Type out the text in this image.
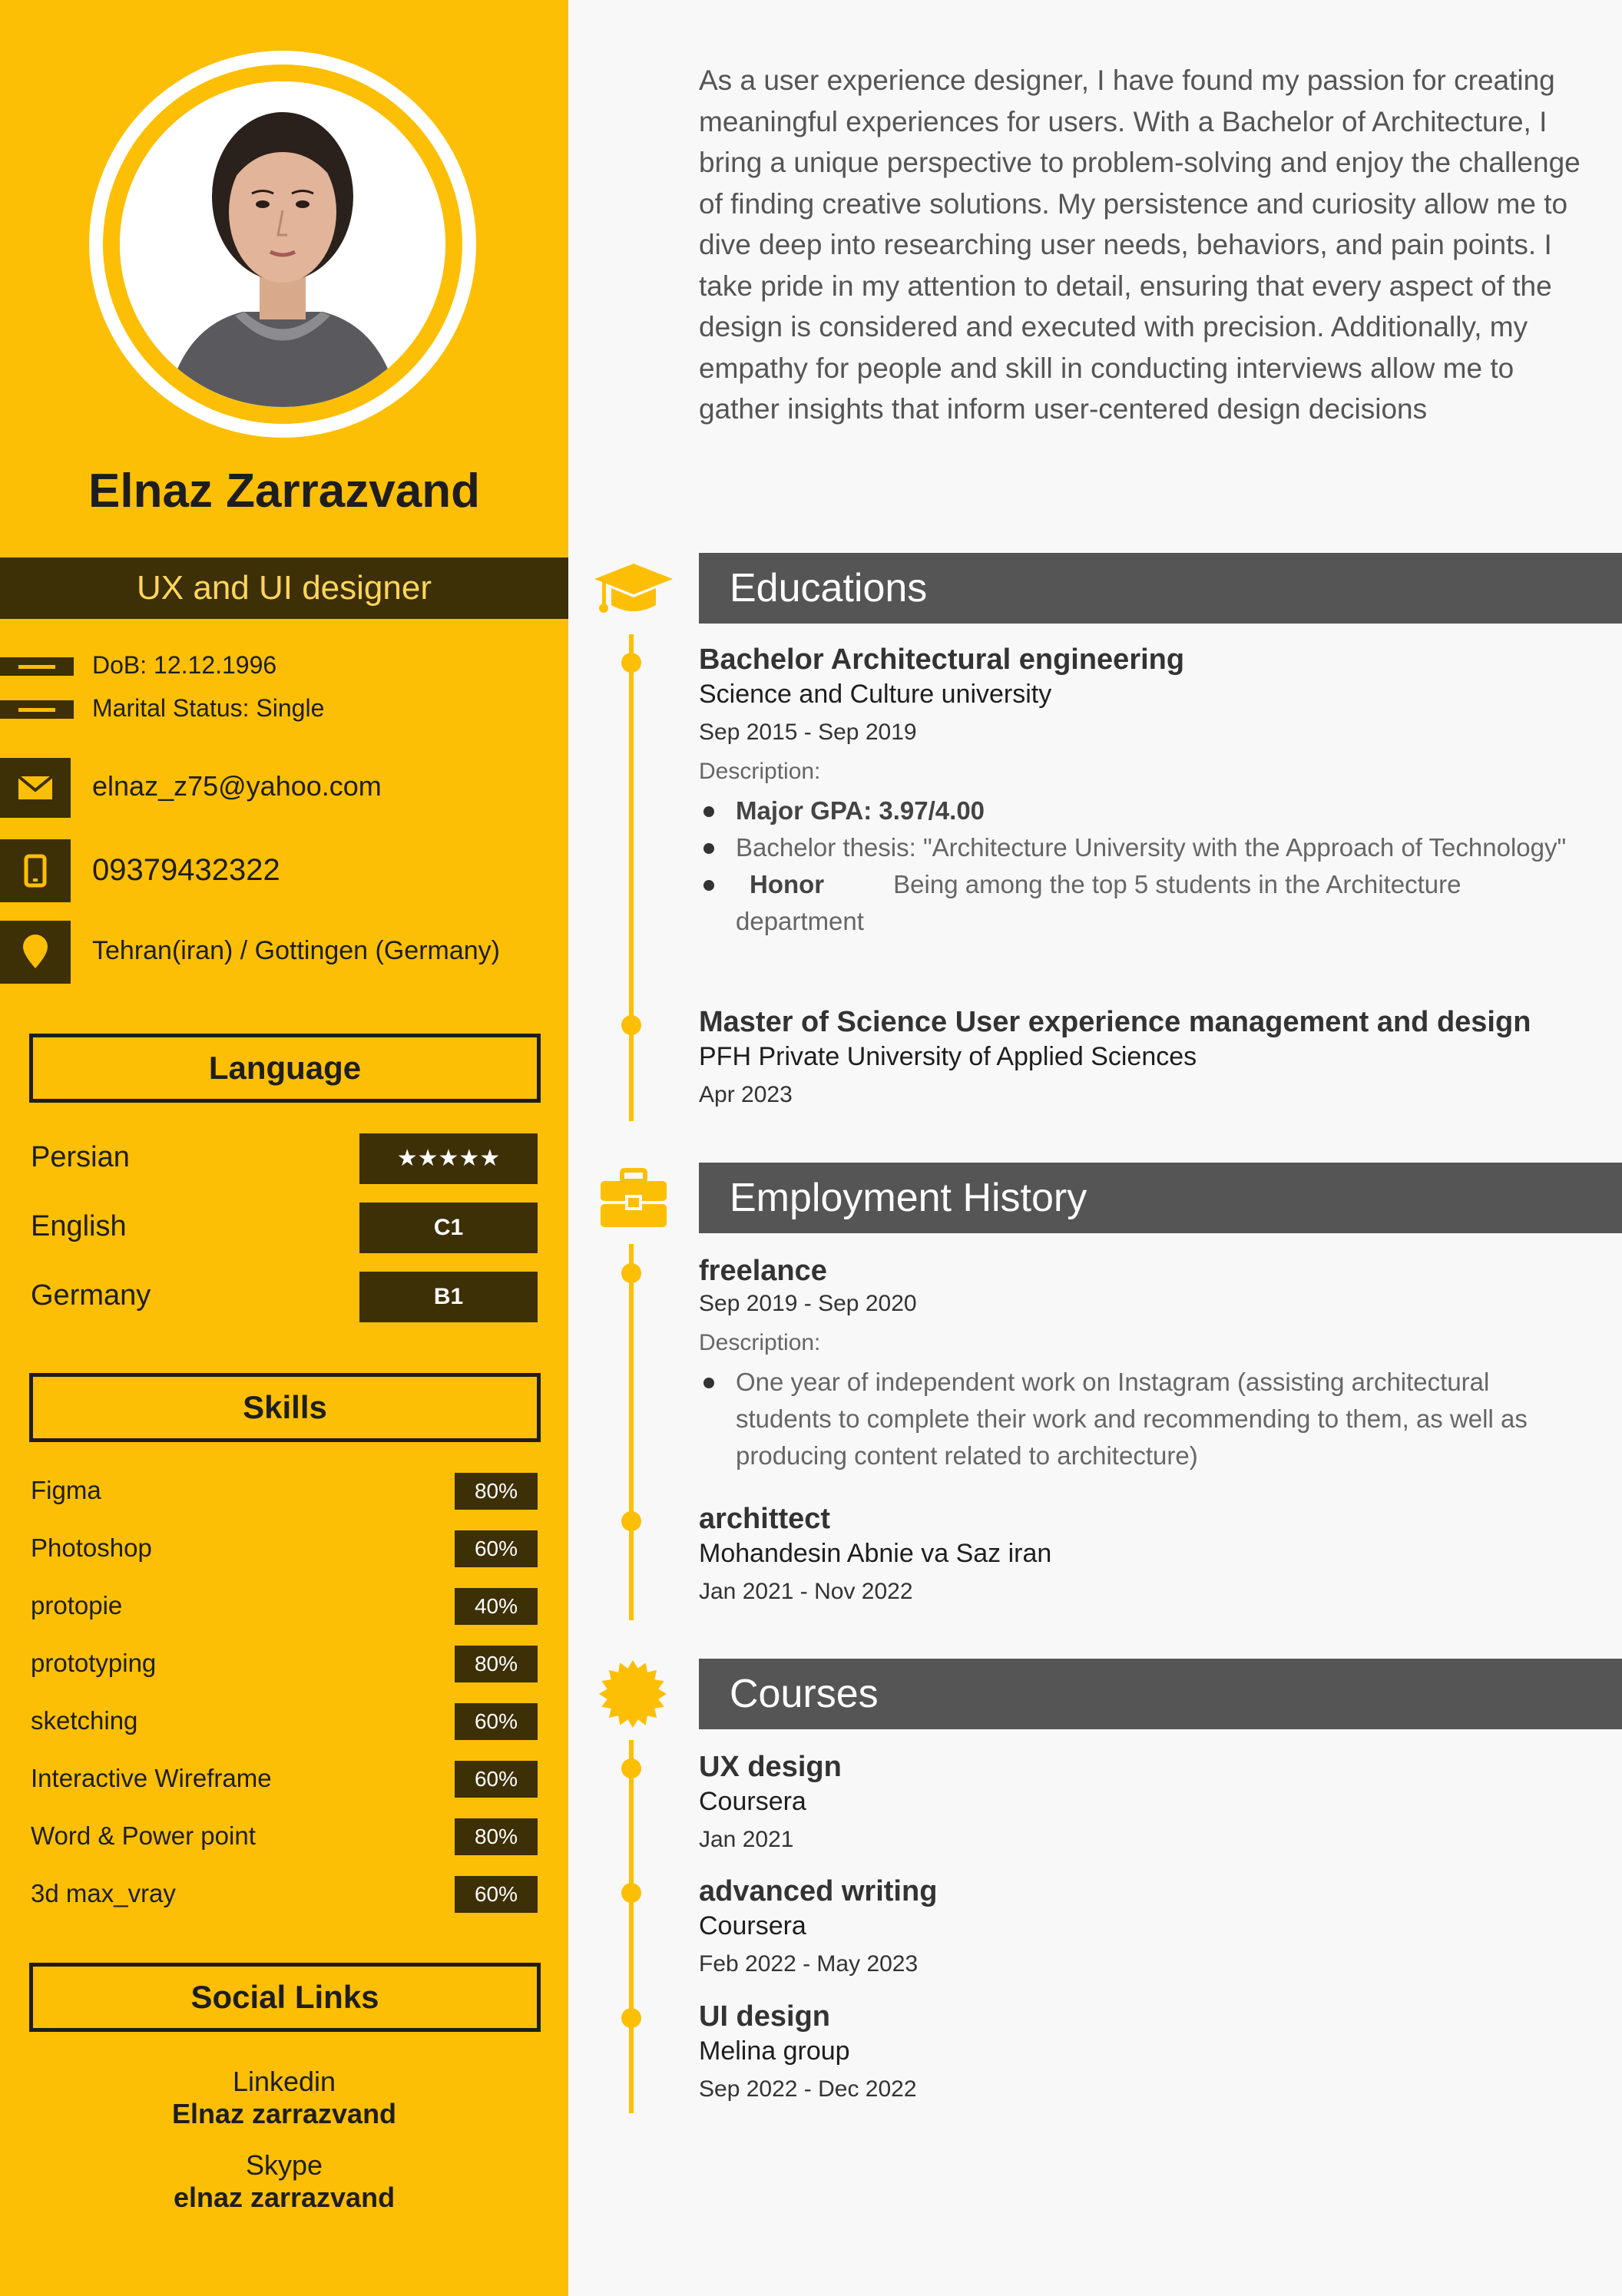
Elnaz Zarrazvand
UX and UI designer
DoB: 12.12.1996
Marital Status: Single
elnaz_z75@yahoo.com
09379432322
Tehran(iran) / Gottingen (Germany)
Language
Persian	★★★★★
English	C1
Germany	B1
Skills
Figma	80%
Photoshop	60%
protopie	40%
prototyping	80%
sketching	60%
Interactive Wireframe	60%
Word & Power point	80%
3d max_vray	60%
Social Links
Linkedin
Elnaz zarrazvand
Skype
elnaz zarrazvand
As a user experience designer, I have found my passion for creating meaningful experiences for users. With a Bachelor of Architecture, I bring a unique perspective to problem-solving and enjoy the challenge of finding creative solutions. My persistence and curiosity allow me to dive deep into researching user needs, behaviors, and pain points. I take pride in my attention to detail, ensuring that every aspect of the design is considered and executed with precision. Additionally, my empathy for people and skill in conducting interviews allow me to gather insights that inform user-centered design decisions
Educations
Bachelor Architectural engineering
Science and Culture university
Sep 2015 - Sep 2019
Description:
Major GPA: 3.97/4.00
Bachelor thesis: "Architecture University with the Approach of Technology"
Honor	Being among the top 5 students in the Architecture department
Master of Science User experience management and design
PFH Private University of Applied Sciences
Apr 2023
Employment History
freelance
Sep 2019 - Sep 2020
Description:
One year of independent work on Instagram (assisting architectural students to complete their work and recommending to them, as well as producing content related to architecture)
archittect
Mohandesin Abnie va Saz iran
Jan 2021 - Nov 2022
Courses
UX design
Coursera
Jan 2021
advanced writing
Coursera
Feb 2022 - May 2023
UI design
Melina group
Sep 2022 - Dec 2022
